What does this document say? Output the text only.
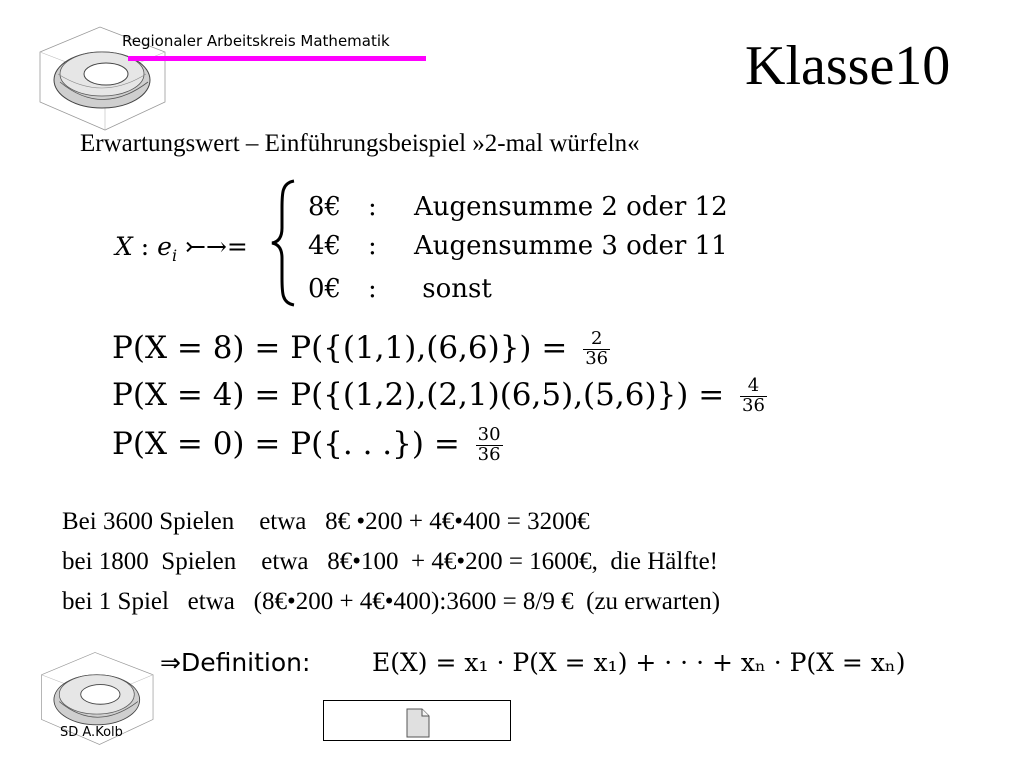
Regionaler Arbeitskreis Mathematik	Klasse10
Erwartungswert – Einführungsbeispiel »2-mal würfeln«
X : $e_i$ ⤚→=
8€ : Augensumme 2 oder 12
4€ : Augensumme 3 oder 11
0€ : sonst
$P(X = 8) = P(\{(1,1),(6,6)\}) = \frac{2}{36}$
$P(X = 4) = P(\{(1,2),(2,1)(6,5),(5,6)\}) = \frac{4}{36}$
P(X = 0) = P({. . .}) = $\frac{30}{36}$
Bei 3600 Spielen    etwa   8€ •200 + 4€•400 = 3200€
bei 1800  Spielen    etwa   8€•100  + 4€•200 = 1600€,  die Hälfte!
bei 1 Spiel   etwa   (8€•200 + 4€•400):3600 = 8/9 €  (zu erwarten)
⇒Definition: E(X) = x₁ · P(X = x₁) + · · · + xₙ · P(X = xₙ)
SD A.Kolb
